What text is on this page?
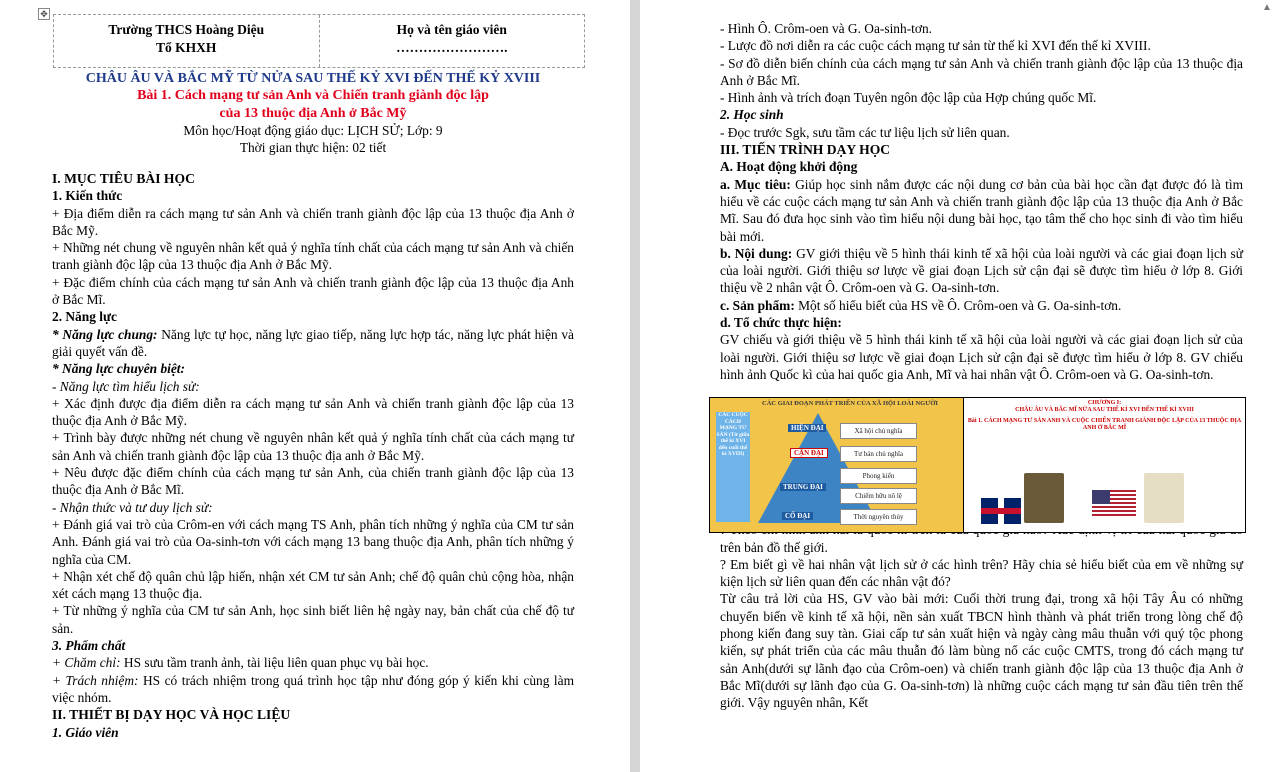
✥
Trường THCS Hoàng Diệu
Tổ KHXH
Họ và tên giáo viên
…………………….
CHÂU ÂU VÀ BẮC MỸ TỪ NỬA SAU THẾ KỶ XVI ĐẾN THẾ KỶ XVIII
Bài 1. Cách mạng tư sản Anh và Chiến tranh giành độc lập
của 13 thuộc địa Anh ở Bắc Mỹ
Môn học/Hoạt động giáo dục: LỊCH SỬ; Lớp: 9
Thời gian thực hiện: 02 tiết

I. MỤC TIÊU BÀI HỌC

1. Kiến thức

+ Địa điểm diễn ra cách mạng tư sản Anh và chiến tranh giành độc lập của 13 thuộc địa Anh ở Bắc Mỹ.

+ Những nét chung về nguyên nhân kết quả ý nghĩa tính chất của cách mạng tư sản Anh và chiến tranh giành độc lập của 13 thuộc địa Anh ở Bắc Mỹ.

+ Đặc điểm chính của cách mạng tư sản Anh và chiến tranh giành độc lập của 13 thuộc địa Anh ở Bắc Mĩ.

2. Năng lực

* Năng lực chung: Năng lực tự học, năng lực giao tiếp, năng lực hợp tác, năng lực phát hiện và giải quyết vấn đề.

* Năng lực chuyên biệt:

- Năng lực tìm hiểu lịch sử:

+ Xác định được địa điểm diễn ra cách mạng tư sản Anh và chiến tranh giành độc lập của 13 thuộc địa Anh ở Bắc Mỹ.

+ Trình bày được những nét chung về nguyên nhân kết quả ý nghĩa tính chất của cách mạng tư sản Anh và chiến tranh giành độc lập của 13 thuộc địa anh ở Bắc Mỹ.

+ Nêu được đặc điểm chính của cách mạng tư sản Anh, của chiến tranh giành độc lập của 13 thuộc địa Anh ở Bắc Mĩ.

- Nhận thức và tư duy lịch sử:

+ Đánh giá vai trò của Crôm-en với cách mạng TS Anh, phân tích những ý nghĩa của CM tư sản Anh. Đánh giá vai trò của Oa-sinh-tơn với cách mạng 13 bang thuộc địa Anh, phân tích những ý nghĩa của CM.

+ Nhận xét chế độ quân chủ lập hiến, nhận xét CM tư sản Anh; chế độ quân chủ cộng hòa, nhận xét cách mạng 13 thuộc địa.

+ Từ những ý nghĩa của CM tư sản Anh, học sinh biết liên hệ ngày nay, bản chất của chế độ tư sản.

3. Phẩm chất

+ Chăm chỉ: HS sưu tầm tranh ảnh, tài liệu liên quan phục vụ bài học.

+ Trách nhiệm: HS có trách nhiệm trong quá trình học tập như đóng góp ý kiến khi cùng làm việc nhóm.

II. THIẾT BỊ DẠY HỌC VÀ HỌC LIỆU

1. Giáo viên

▲

- Hình Ô. Crôm-oen và G. Oa-sinh-tơn.

- Lược đồ nơi diễn ra các cuộc cách mạng tư sản từ thế kỉ XVI đến thế kỉ XVIII.

- Sơ đồ diễn biến chính của cách mạng tư sản Anh và chiến tranh giành độc lập của 13 thuộc địa Anh ở Bắc Mĩ.

- Hình ảnh và trích đoạn Tuyên ngôn độc lập của Hợp chúng quốc Mĩ.

2. Học sinh

- Đọc trước Sgk, sưu tầm các tư liệu lịch sử liên quan.

III. TIẾN TRÌNH DẠY HỌC

A. Hoạt động khởi động

a. Mục tiêu: Giúp học sinh nắm được các nội dung cơ bản của bài học cần đạt được đó là tìm hiểu về các cuộc cách mạng tư sản Anh và chiến tranh giành độc lập của 13 thuộc địa Anh ở Bắc Mĩ. Sau đó đưa học sinh vào tìm hiểu nội dung bài học, tạo tâm thế cho học sinh đi vào tìm hiểu bài mới.

b. Nội dung: GV giới thiệu về 5 hình thái kinh tế xã hội của loài người và các giai đoạn lịch sử của loài người. Giới thiệu sơ lược về giai đoạn Lịch sử cận đại sẽ được tìm hiểu ở lớp 8. Giới thiệu về 2 nhân vật Ô. Crôm-oen và G. Oa-sinh-tơn.

c. Sản phẩm: Một số hiểu biết của HS về Ô. Crôm-oen và G. Oa-sinh-tơn.

d. Tổ chức thực hiện:

GV chiếu và giới thiệu về 5 hình thái kinh tế xã hội của loài người và các giai đoạn lịch sử của loài người. Giới thiệu sơ lược về giai đoạn Lịch sử cận đại sẽ được tìm hiểu ở lớp 8. GV chiếu hình ảnh Quốc kì của hai quốc gia Anh, Mĩ và hai nhân vật Ô. Crôm-oen và G. Oa-sinh-tơn.

trên bản đồ thế giới.

? Em biết gì về hai nhân vật lịch sử ở các hình trên? Hãy chia sẻ hiểu biết của em về những sự kiện lịch sử liên quan đến các nhân vật đó?

Từ câu trả lời của HS, GV vào bài mới: Cuối thời trung đại, trong xã hội Tây Âu có những chuyển biến về kinh tế xã hội, nền sản xuất TBCN hình thành và phát triển trong lòng chế độ phong kiến đang suy tàn. Giai cấp tư sản xuất hiện và ngày càng mâu thuẫn với quý tộc phong kiến, sự phát triển của các mâu thuẫn đó làm bùng nổ các cuộc CMTS, trong đó cách mạng tư sản Anh(dưới sự lãnh đạo của Crôm-oen) và chiến tranh giành độc lập của 13 thuộc địa Anh ở Bắc Mĩ(dưới sự lãnh đạo của G. Oa-sinh-tơn) là những cuộc cách mạng tư sản đầu tiên trên thế giới. Vậy nguyên nhân, Kết

CÁC GIAI ĐOẠN PHÁT TRIỂN CỦA XÃ HỘI LOÀI NGƯỜI
CÁC CUỘC CÁCH MẠNG TƯ SẢN (Từ giữa thế kỉ XVI đến cuối thế kỉ XVIII)
HIỆN ĐẠI
CẬN ĐẠI
TRUNG ĐẠI
CỔ ĐẠI
Xã hội chủ nghĩa
Tư bản chủ nghĩa
Phong kiến
Chiếm hữu nô lệ
Thời nguyên thủy
CHƯƠNG I:
CHÂU ÂU VÀ BẮC MĨ NỬA SAU THẾ KỈ XVI ĐẾN THẾ KỈ XVIII
Bài 1. CÁCH MẠNG TƯ SẢN ANH VÀ CUỘC CHIẾN TRANH GIÀNH ĐỘC LẬP CỦA 13 THUỘC ĐỊA ANH Ở BẮC MĨ
